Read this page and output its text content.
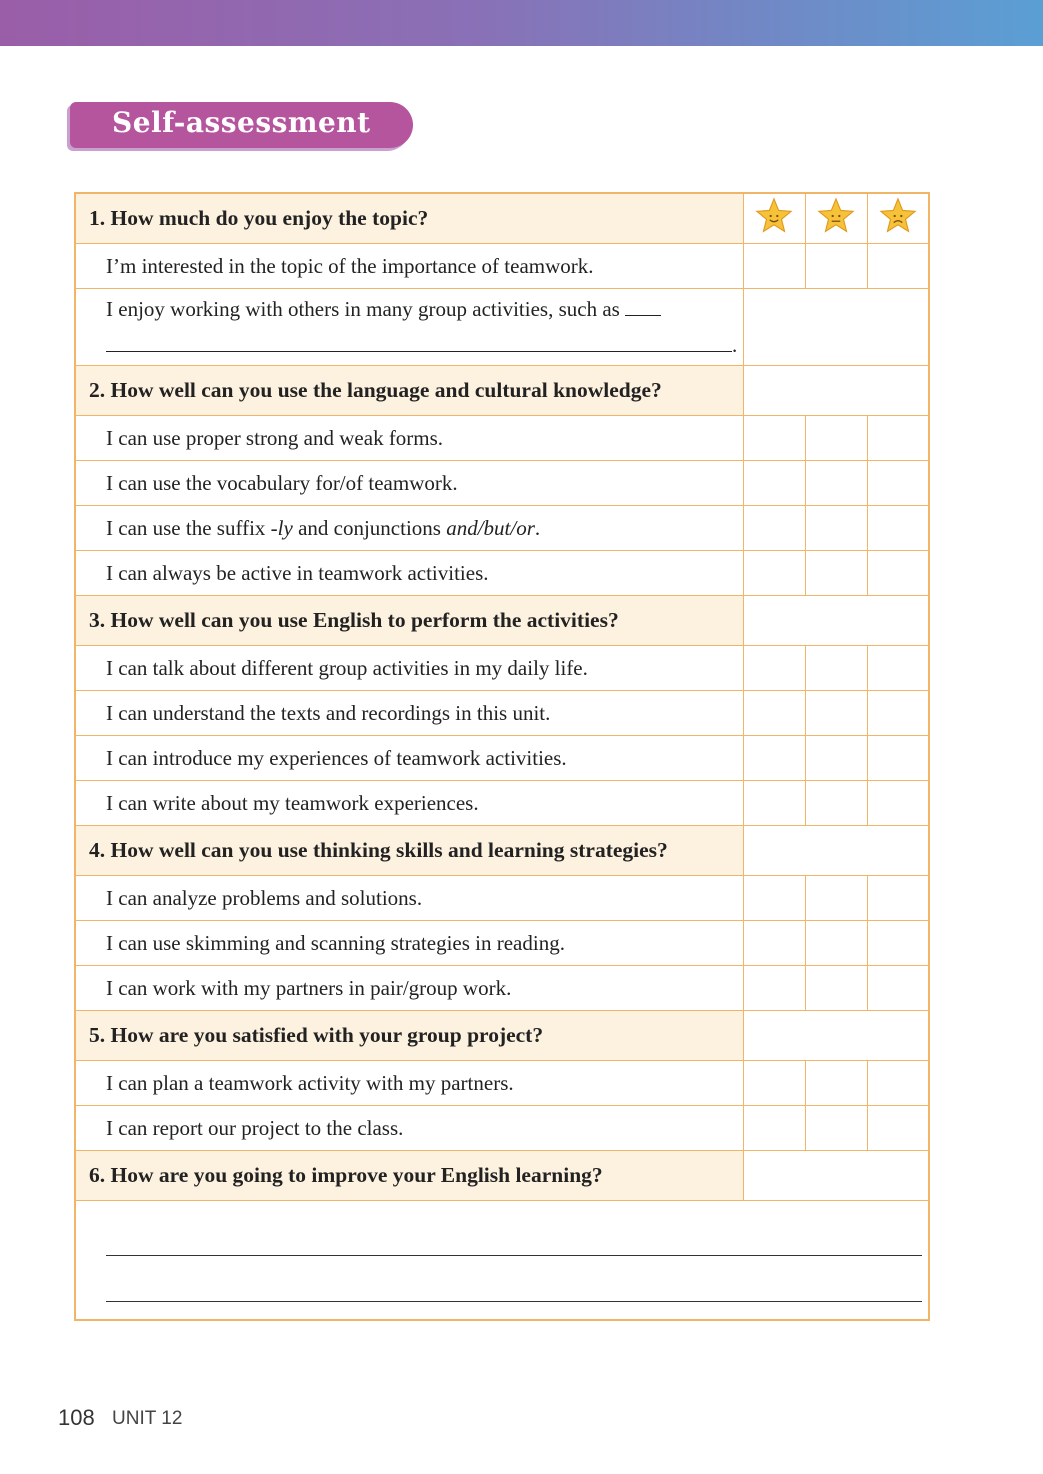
Self-assessment
1. How much do you enjoy the topic?			
I’m interested in the topic of the importance of teamwork.			
I enjoy working with others in many group activities, such as
.			
2. How well can you use the language and cultural knowledge?			
I can use proper strong and weak forms.			
I can use the vocabulary for/of teamwork.			
I can use the suffix -ly and conjunctions and/but/or.			
I can always be active in teamwork activities.			
3. How well can you use English to perform the activities?			
I can talk about different group activities in my daily life.			
I can understand the texts and recordings in this unit.			
I can introduce my experiences of teamwork activities.			
I can write about my teamwork experiences.			
4. How well can you use thinking skills and learning strategies?			
I can analyze problems and solutions.			
I can use skimming and scanning strategies in reading.			
I can work with my partners in pair/group work.			
5. How are you satisfied with your group project?			
I can plan a teamwork activity with my partners.			
I can report our project to the class.			
6. How are you going to improve your English learning?			

108 UNIT 12
